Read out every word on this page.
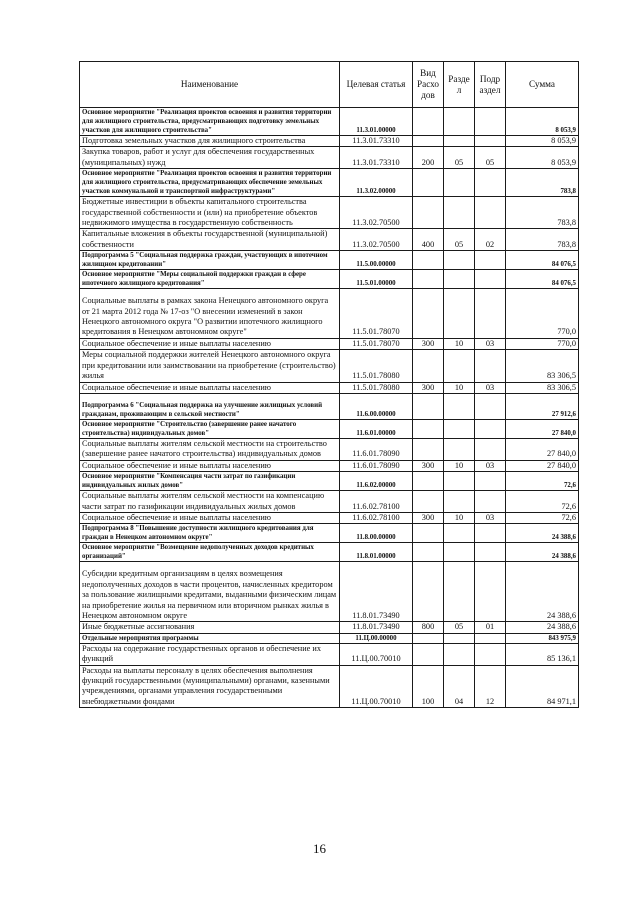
Наименование	Целевая статья	Вид Расхо дов	Разде л	Подр аздел	Сумма
Основное мероприятие "Реализация проектов освоения и развития территории для жилищного строительства, предусматривающих подготовку земельных участков для жилищного строительства"	11.3.01.00000				8 053,9
Подготовка земельных участков для жилищного строительства	11.3.01.73310				8 053,9
Закупка товаров, работ и услуг для обеспечения государственных (муниципальных) нужд	11.3.01.73310	200	05	05	8 053,9
Основное мероприятие "Реализация проектов освоения и развития территории для жилищного строительства, предусматривающих обеспечение земельных участков коммунальной и транспортной инфраструктурами"	11.3.02.00000				783,8
Бюджетные инвестиции в объекты капитального строительства государственной собственности и (или) на приобретение объектов недвижимого имущества в государственную собственность	11.3.02.70500				783,8
Капитальные вложения в объекты государственной (муниципальной) собственности	11.3.02.70500	400	05	02	783,8
Подпрограмма 5 "Социальная поддержка граждан, участвующих в ипотечном жилищном кредитовании"	11.5.00.00000				84 076,5
Основное мероприятие "Меры социальной поддержки граждан в сфере ипотечного жилищного кредитования"	11.5.01.00000				84 076,5
Социальные выплаты в рамках закона Ненецкого автономного округа от 21 марта 2012 года № 17-оз "О внесении изменений в закон Ненецкого автономного округа "О развитии ипотечного жилищного кредитования в Ненецком автономном округе"	11.5.01.78070				770,0
Социальное обеспечение и иные выплаты населению	11.5.01.78070	300	10	03	770,0
Меры социальной поддержки жителей Ненецкого автономного округа при кредитовании или заимствовании на приобретение (строительство) жилья	11.5.01.78080				83 306,5
Социальное обеспечение и иные выплаты населению	11.5.01.78080	300	10	03	83 306,5
Подпрограмма 6 "Социальная поддержка на улучшение жилищных условий гражданам, проживающим в сельской местности"	11.6.00.00000				27 912,6
Основное мероприятие "Строительство (завершение ранее начатого строительства) индивидуальных домов"	11.6.01.00000				27 840,0
Социальные выплаты жителям сельской местности на строительство (завершение ранее начатого строительства) индивидуальных домов	11.6.01.78090				27 840,0
Социальное обеспечение и иные выплаты населению	11.6.01.78090	300	10	03	27 840,0
Основное мероприятие "Компенсация части затрат по газификации индивидуальных жилых домов"	11.6.02.00000				72,6
Социальные выплаты жителям сельской местности на компенсацию части затрат по газификации индивидуальных жилых домов	11.6.02.78100				72,6
Социальное обеспечение и иные выплаты населению	11.6.02.78100	300	10	03	72,6
Подпрограмма 8 "Повышение доступности жилищного кредитования для граждан в Ненецком автономном округе"	11.8.00.00000				24 388,6
Основное мероприятие "Возмещение недополученных доходов кредитных организаций"	11.8.01.00000				24 388,6
Субсидии кредитным организациям в целях возмещения недополученных доходов в части процентов, начисленных кредитором за пользование жилищными кредитами, выданными физическим лицам на приобретение жилья на первичном или вторичном рынках жилья в Ненецком автономном округе	11.8.01.73490				24 388,6
Иные бюджетные ассигнования	11.8.01.73490	800	05	01	24 388,6
Отдельные мероприятия программы	11.Ц.00.00000				843 975,9
Расходы на содержание государственных органов и обеспечение их функций	11.Ц.00.70010				85 136,1
Расходы на выплаты персоналу в целях обеспечения выполнения функций государственными (муниципальными) органами, казенными учреждениями, органами управления государственными внебюджетными фондами	11.Ц.00.70010	100	04	12	84 971,1
16
